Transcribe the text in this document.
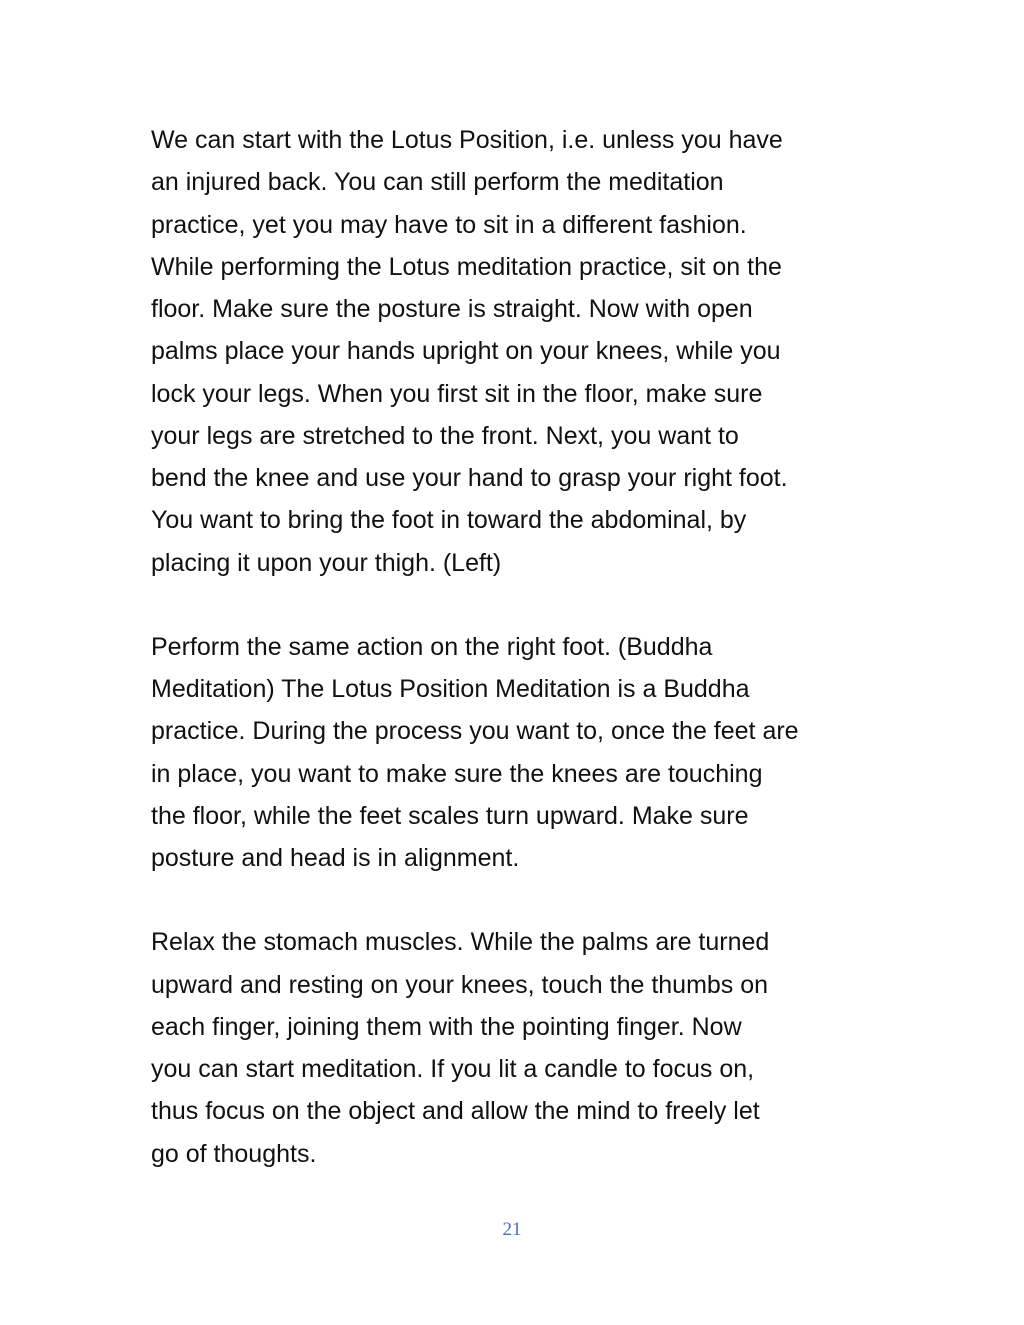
We can start with the Lotus Position, i.e. unless you have
an injured back. You can still perform the meditation
practice, yet you may have to sit in a different fashion.
While performing the Lotus meditation practice, sit on the
floor. Make sure the posture is straight. Now with open
palms place your hands upright on your knees, while you
lock your legs. When you first sit in the floor, make sure
your legs are stretched to the front. Next, you want to
bend the knee and use your hand to grasp your right foot.
You want to bring the foot in toward the abdominal, by
placing it upon your thigh. (Left)

Perform the same action on the right foot. (Buddha
Meditation) The Lotus Position Meditation is a Buddha
practice. During the process you want to, once the feet are
in place, you want to make sure the knees are touching
the floor, while the feet scales turn upward. Make sure
posture and head is in alignment.

Relax the stomach muscles. While the palms are turned
upward and resting on your knees, touch the thumbs on
each finger, joining them with the pointing finger. Now
you can start meditation. If you lit a candle to focus on,
thus focus on the object and allow the mind to freely let
go of thoughts.

21
